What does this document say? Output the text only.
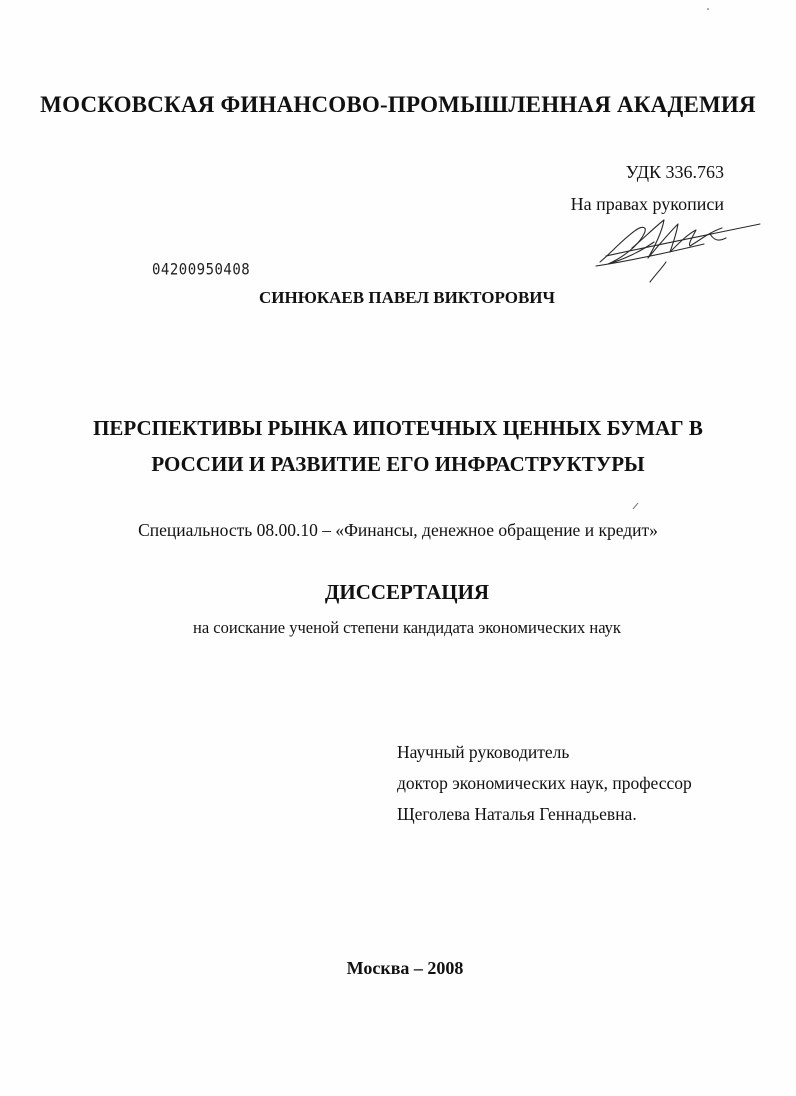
МОСКОВСКАЯ ФИНАНСОВО-ПРОМЫШЛЕННАЯ АКАДЕМИЯ
УДК 336.763
На правах рукописи
04200950408
СИНЮКАЕВ ПАВЕЛ ВИКТОРОВИЧ
ПЕРСПЕКТИВЫ РЫНКА ИПОТЕЧНЫХ ЦЕННЫХ БУМАГ В
РОССИИ И РАЗВИТИЕ ЕГО ИНФРАСТРУКТУРЫ
Специальность 08.00.10 – «Финансы, денежное обращение и кредит»
ДИССЕРТАЦИЯ
на соискание ученой степени кандидата экономических наук
Научный руководитель
доктор экономических наук, профессор
Щеголева Наталья Геннадьевна.
Москва – 2008
